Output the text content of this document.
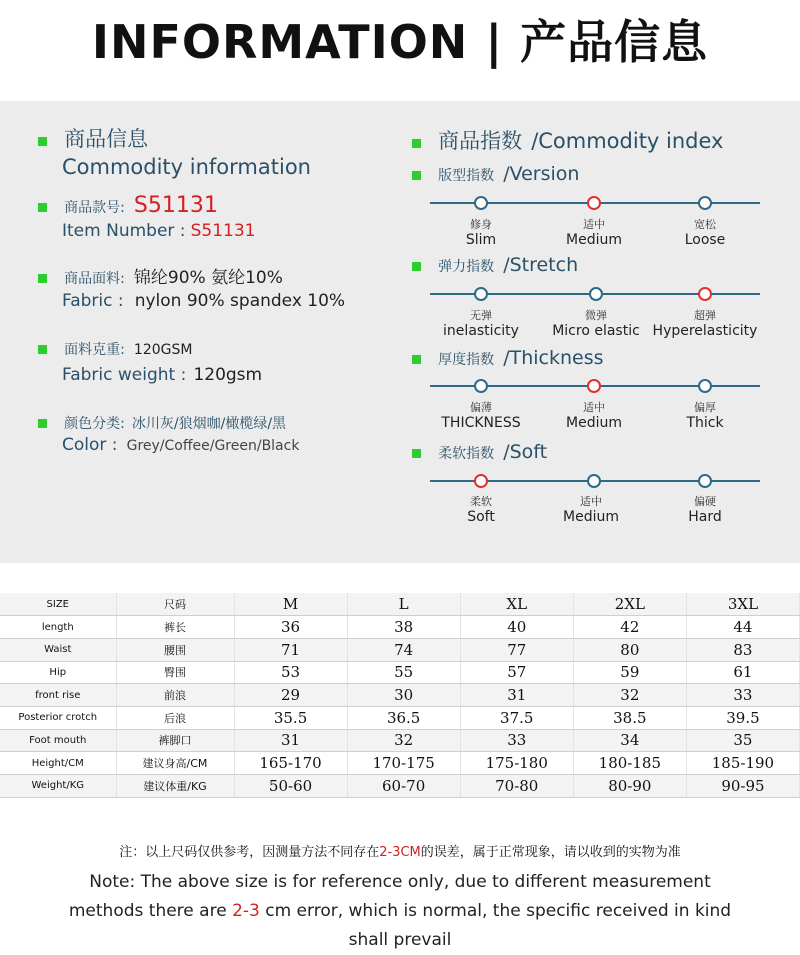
INFORMATION | 产品信息
商品信息
Commodity information
商品款号: S51131
Item Number : S51131
商品面料: 锦纶90% 氨纶10%
Fabric : nylon 90% spandex 10%
面料克重: 120GSM
Fabric weight : 120gsm
颜色分类: 冰川灰/狼烟咖/橄榄绿/黑
Color : Grey/Coffee/Green/Black
商品指数 /Commodity index
版型指数 /Version
修身
Slim
适中
Medium
宽松
Loose
弹力指数 /Stretch
无弹
inelasticity
微弹
Micro elastic
超弹
Hyperelasticity
厚度指数 /Thickness
偏薄
THICKNESS
适中
Medium
偏厚
Thick
柔软指数 /Soft
柔软
Soft
适中
Medium
偏硬
Hard
SIZE	尺码	M	L	XL	2XL	3XL
length	裤长	36	38	40	42	44
Waist	腰围	71	74	77	80	83
Hip	臀围	53	55	57	59	61
front rise	前浪	29	30	31	32	33
Posterior crotch	后浪	35.5	36.5	37.5	38.5	39.5
Foot mouth	裤脚口	31	32	33	34	35
Height/CM	建议身高/CM	165-170	170-175	175-180	180-185	185-190
Weight/KG	建议体重/KG	50-60	60-70	70-80	80-90	90-95
注：以上尺码仅供参考，因测量方法不同存在2-3CM的误差，属于正常现象，请以收到的实物为准
Note: The above size is for reference only, due to different measurement methods there are 2-3 cm error, which is normal, the specific received in kind shall prevail
